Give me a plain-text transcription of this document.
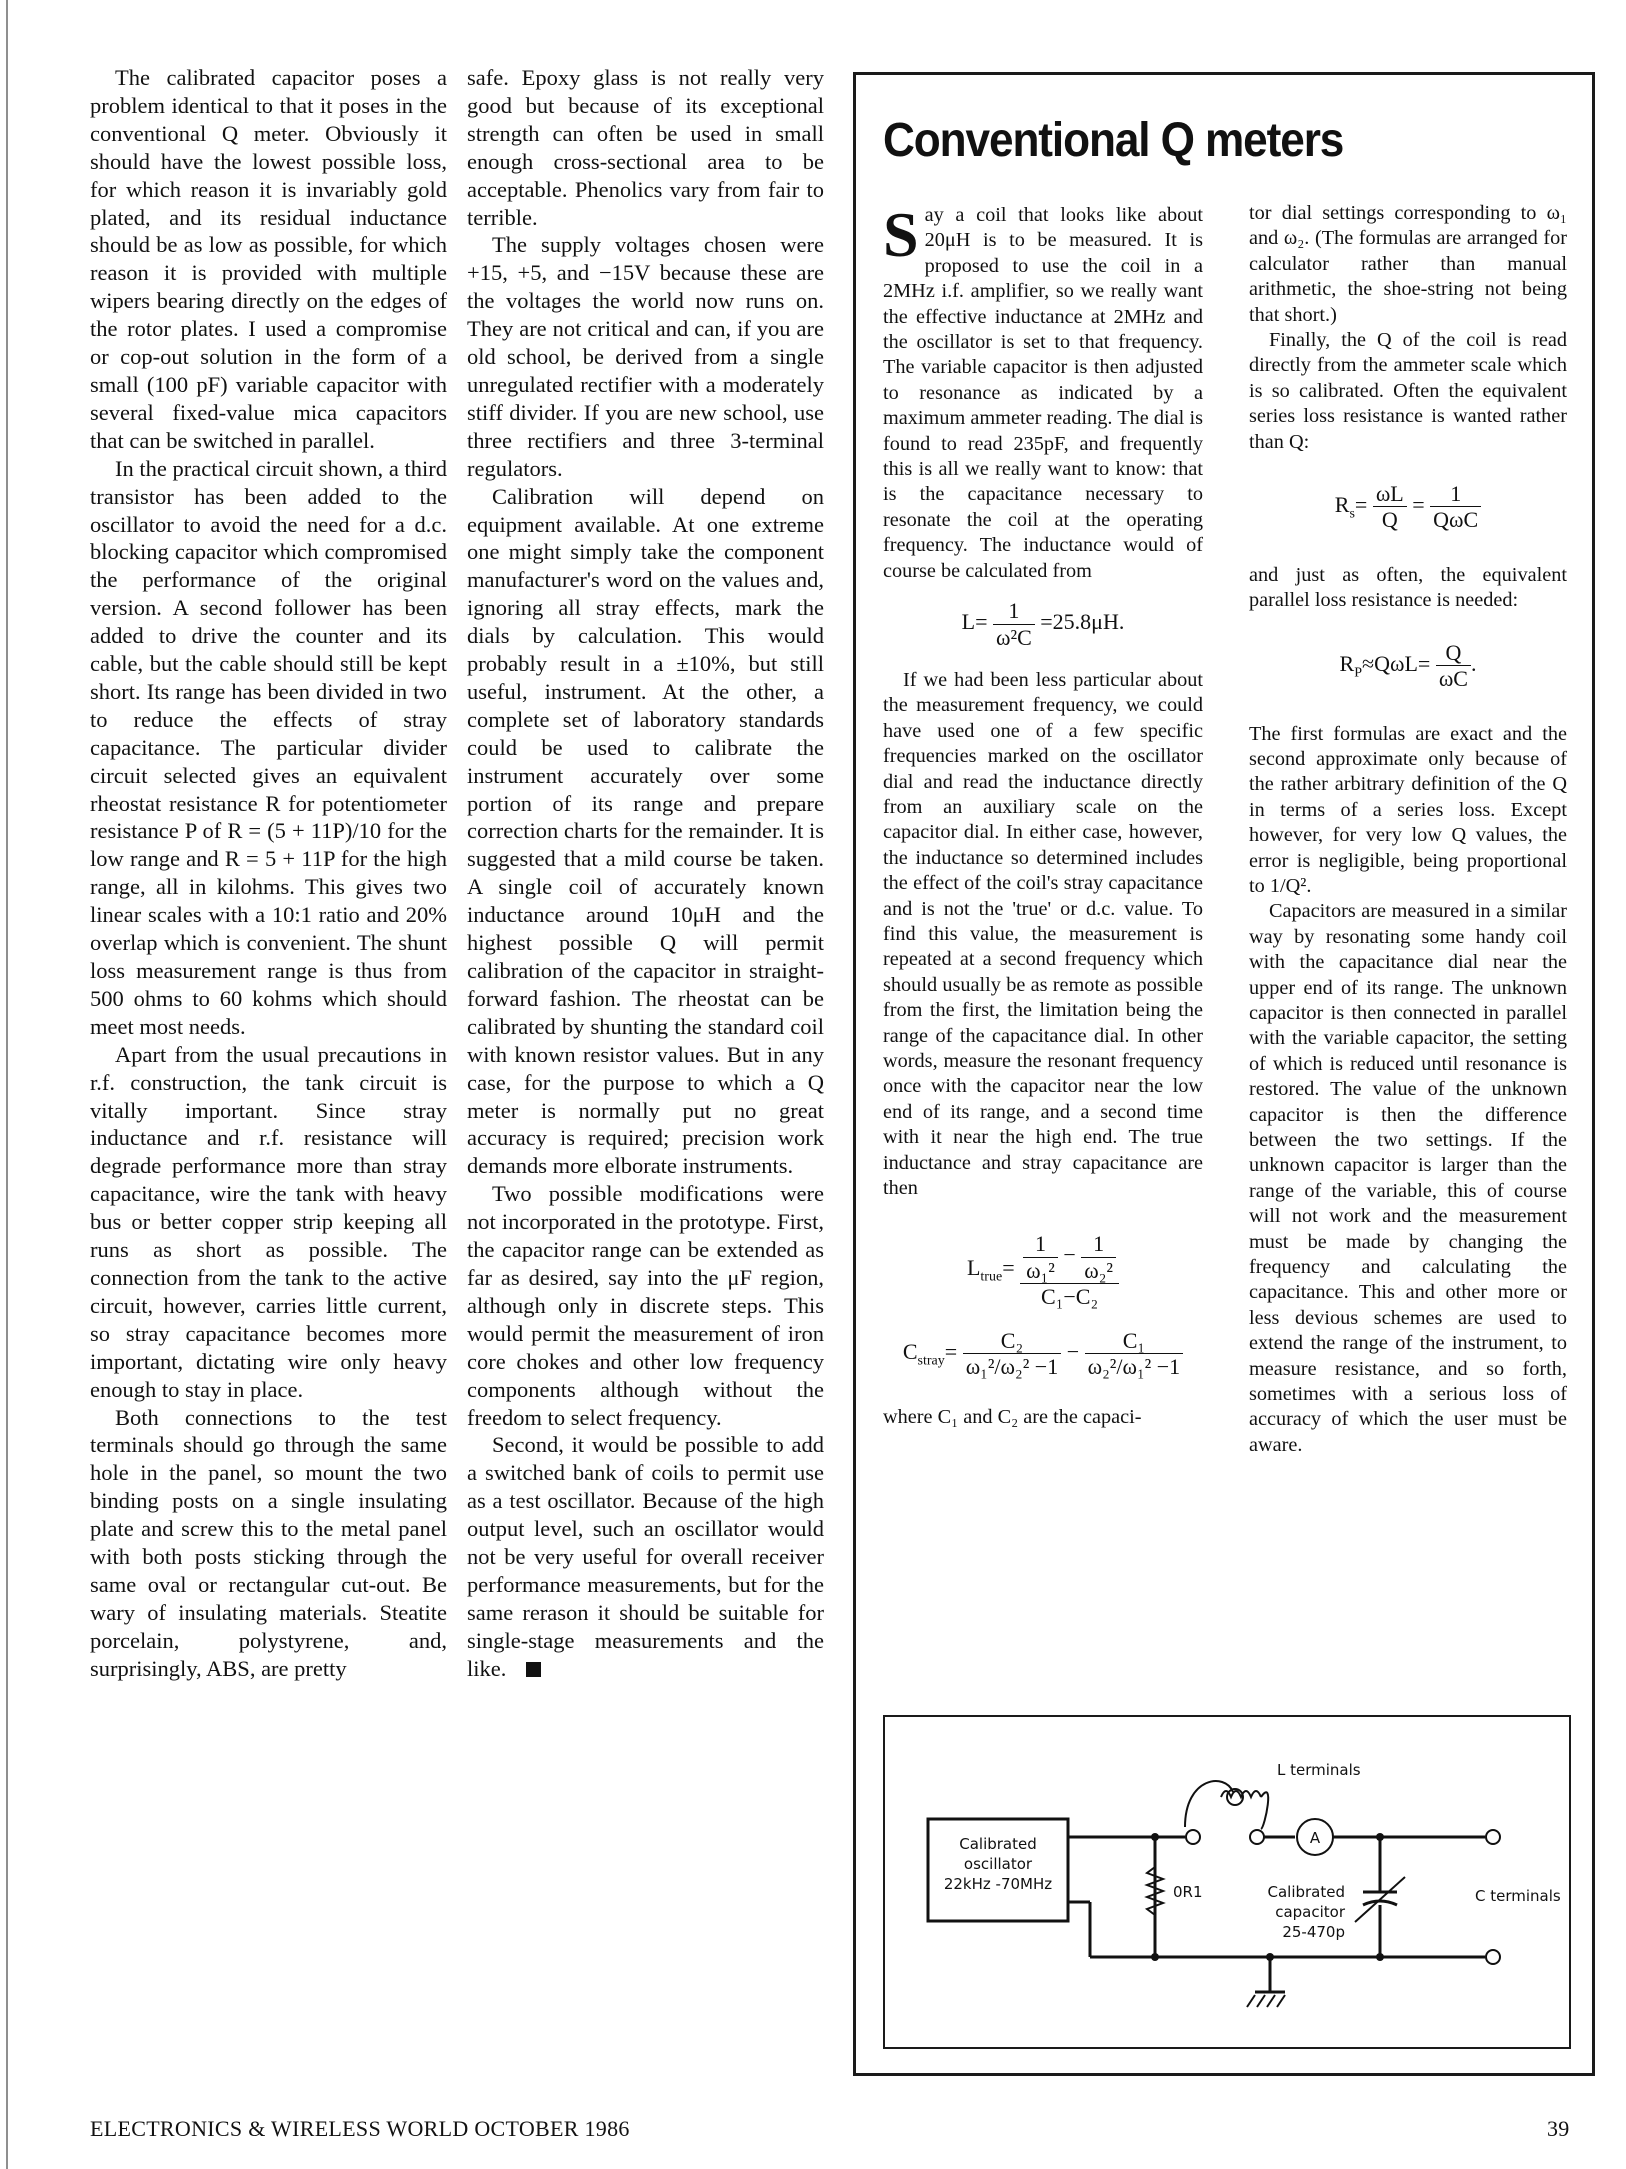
The calibrated capacitor poses a problem identical to that it poses in the conventional Q meter. Obviously it should have the lowest possible loss, for which reason it is invariably gold plated, and its residual inductance should be as low as possible, for which reason it is provided with multiple wipers bearing directly on the edges of the rotor plates. I used a compromise or cop-out solution in the form of a small (100 pF) variable capacitor with several fixed-value mica capacitors that can be switched in parallel.

In the practical circuit shown, a third transistor has been added to the oscillator to avoid the need for a d.c. blocking capacitor which compromised the performance of the original version. A second follower has been added to drive the counter and its cable, but the cable should still be kept short. Its range has been divided in two to reduce the effects of stray capacitance. The particular divider circuit selected gives an equivalent rheostat resistance R for potentiometer resistance P of R = (5 + 11P)/10 for the low range and R = 5 + 11P for the high range, all in kilohms. This gives two linear scales with a 10:1 ratio and 20% overlap which is convenient. The shunt loss measurement range is thus from 500 ohms to 60 kohms which should meet most needs.

Apart from the usual precautions in r.f. construction, the tank circuit is vitally important. Since stray inductance and r.f. resistance will degrade performance more than stray capacitance, wire the tank with heavy bus or better copper strip keeping all runs as short as possible. The connection from the tank to the active circuit, however, carries little current, so stray capacitance becomes more important, dictating wire only heavy enough to stay in place.

Both connections to the test terminals should go through the same hole in the panel, so mount the two binding posts on a single insulating plate and screw this to the metal panel with both posts sticking through the same oval or rectangular cut-out. Be wary of insulating materials. Steatite porcelain, polystyrene, and, surprisingly, ABS, are pretty

safe. Epoxy glass is not really very good but because of its exceptional strength can often be used in small enough cross-sectional area to be acceptable. Phenolics vary from fair to terrible.

The supply voltages chosen were +15, +5, and −15V because these are the voltages the world now runs on. They are not critical and can, if you are old school, be derived from a single unregulated rectifier with a moderately stiff divider. If you are new school, use three rectifiers and three 3-terminal regulators.

Calibration will depend on equipment available. At one extreme one might simply take the component manufacturer's word on the values and, ignoring all stray effects, mark the dials by calculation. This would probably result in a ±10%, but still useful, instrument. At the other, a complete set of laboratory standards could be used to calibrate the instrument accurately over some portion of its range and prepare correction charts for the remainder. It is suggested that a mild course be taken. A single coil of accurately known inductance around 10μH and the highest possible Q will permit calibration of the capacitor in straight-forward fashion. The rheostat can be calibrated by shunting the standard coil with known resistor values. But in any case, for the purpose to which a Q meter is normally put no great accuracy is required; precision work demands more elborate instruments.

Two possible modifications were not incorporated in the prototype. First, the capacitor range can be extended as far as desired, say into the μF region, although only in discrete steps. This would permit the measurement of iron core chokes and other low frequency components although without the freedom to select frequency.

Second, it would be possible to add a switched bank of coils to permit use as a test oscillator. Because of the high output level, such an oscillator would not be very useful for overall receiver performance measurements, but for the same rerason it should be suitable for single-stage measurements and the like.

Conventional Q meters

Say a coil that looks like about 20μH is to be measured. It is proposed to use the coil in a 2MHz i.f. amplifier, so we really want the effective inductance at 2MHz and the oscillator is set to that frequency. The variable capacitor is then adjusted to resonance as indicated by a maximum ammeter reading. The dial is found to read 235pF, and frequently this is all we really want to know: that is the capacitance necessary to resonate the coil at the operating frequency. The inductance would of course be calculated from

$L= \frac{1}{\text{ω²C}} =25.8\mu H$.

If we had been less particular about the measurement frequency, we could have used one of a few specific frequencies marked on the oscillator dial and read the inductance directly from an auxiliary scale on the capacitor dial. In either case, however, the inductance so determined includes the effect of the coil's stray capacitance and is not the 'true' or d.c. value. To find this value, the measurement is repeated at a second frequency which should usually be as remote as possible from the first, the limitation being the range of the capacitance dial. In other words, measure the resonant frequency once with the capacitor near the low end of its range, and a second time with it near the high end. The true inductance and stray capacitance are then

$L_{true}= \frac{\frac{1}{\text{ω₁²}} - \frac{1}{\text{ω₂²}}}{\text{C₁−C₂}}$
$C_{stray}= \frac{\text{C₂}}{\text{ω₁²/ω₂² −1}} - \frac{\text{C₁}}{\text{ω₂²/ω₁² −1}}$

where C₁ and C₂ are the capaci-

tor dial settings corresponding to ω₁ and ω₂. (The formulas are arranged for calculator rather than manual arithmetic, the shoe-string not being that short.)

Finally, the Q of the coil is read directly from the ammeter scale which is so calibrated. Often the equivalent series loss resistance is wanted rather than Q:

$R_s= \frac{\omega L}{Q} = \frac{1}{\text{QωC}}$

and just as often, the equivalent parallel loss resistance is needed:

$R_P\approx Q\omega L= \frac{Q}{\omega C}$ .

The first formulas are exact and the second approximate only because of the rather arbitrary definition of the Q in terms of a series loss. Except however, for very low Q values, the error is negligible, being proportional to 1/Q².

Capacitors are measured in a similar way by resonating some handy coil with the capacitance dial near the upper end of its range. The unknown capacitor is then connected in parallel with the variable capacitor, the setting of which is reduced until resonance is restored. The value of the unknown capacitor is then the difference between the two settings. If the unknown capacitor is larger than the range of the variable, this of course will not work and the measurement must be made by changing the frequency and calculating the capacitance. This and other more or less devious schemes are used to extend the range of the instrument, to measure resistance, and so forth, sometimes with a serious loss of accuracy of which the user must be aware.

Calibrated
oscillator
22kHz -70MHz	0R1
A
L terminals
Calibrated
capacitor
25-470p
C terminals
ELECTRONICS & WIRELESS WORLD OCTOBER 1986	39
